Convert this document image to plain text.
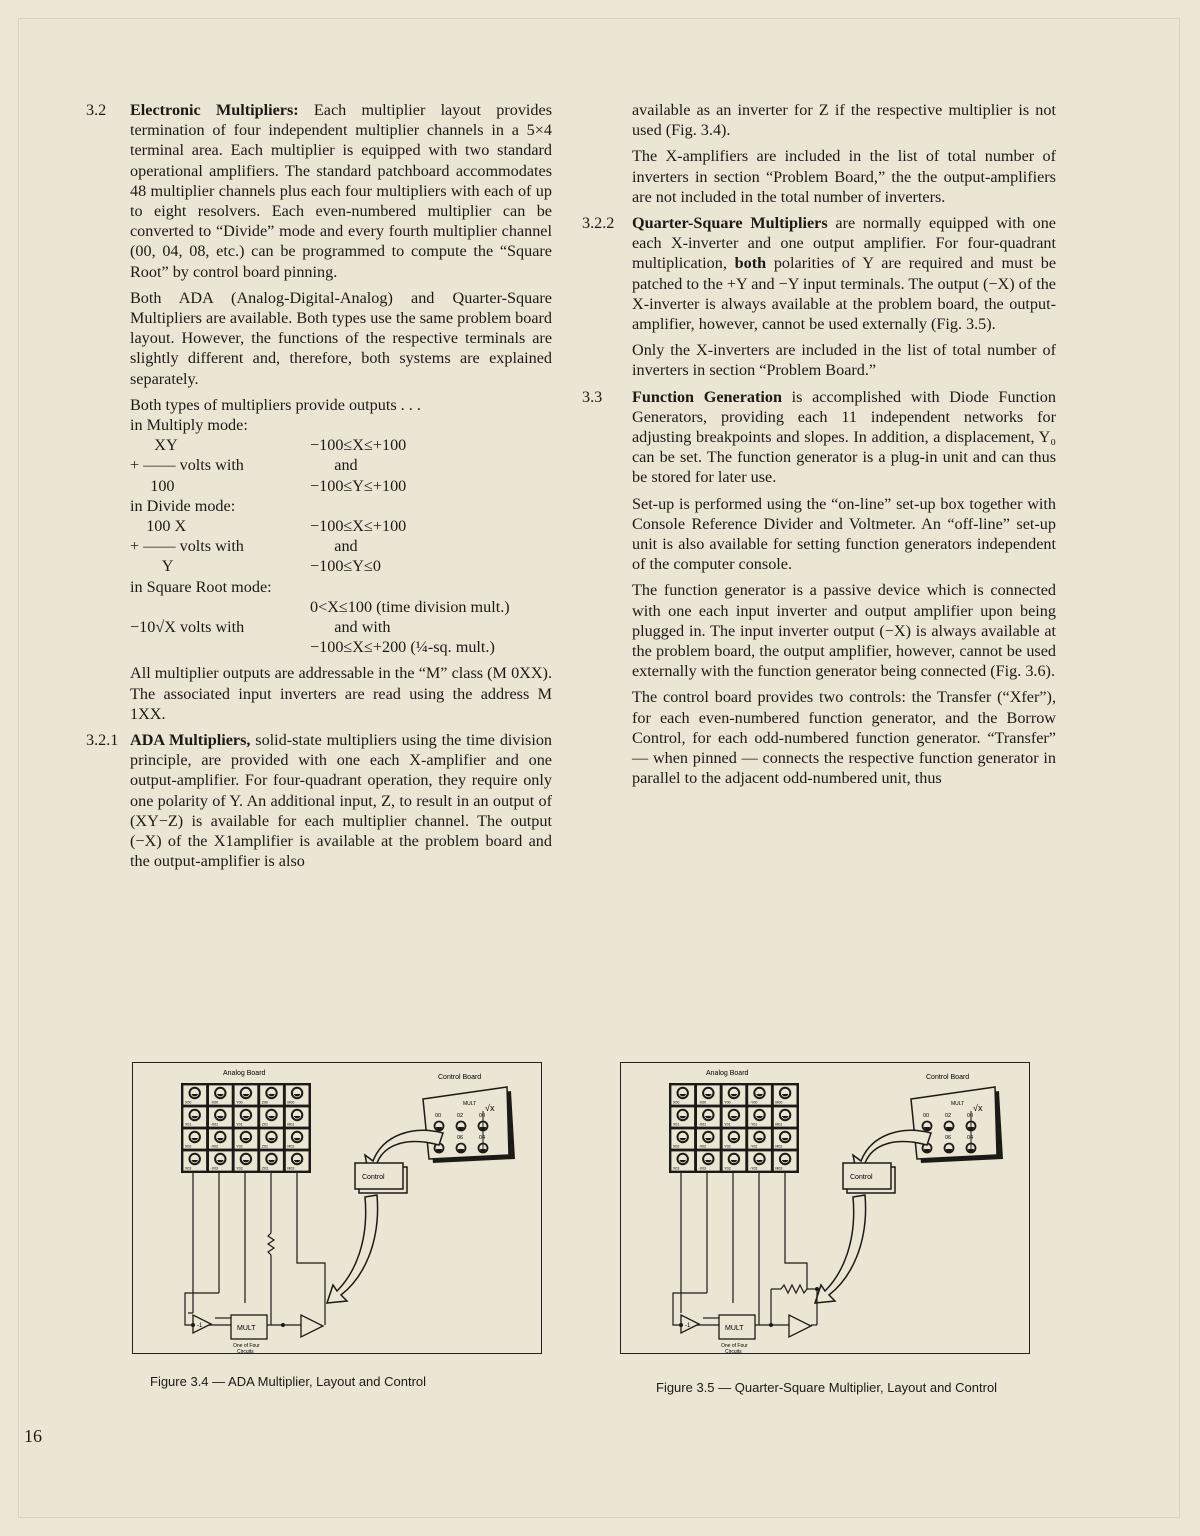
3.2	Electronic Multipliers: Each multiplier layout provides termination of four independent multiplier channels in a 5×4 terminal area. Each multiplier is equipped with two standard operational amplifiers. The standard patchboard accommodates 48 multiplier channels plus each four multipliers with each of up to eight resolvers. Each even-numbered multiplier can be converted to “Divide” mode and every fourth multiplier channel (00, 04, 08, etc.) can be programmed to compute the “Square Root” by control board pinning.

Both ADA (Analog-Digital-Analog) and Quarter-Square Multipliers are available. Both types use the same problem board layout. However, the functions of the respective terminals are slightly different and, therefore, both systems are explained separately.

Both types of multipliers provide outputs . . .

in Multiply mode:
XY	−100≤X≤+100
+ —— volts with	and
100	−100≤Y≤+100
in Divide mode:
100 X	−100≤X≤+100
+ —— volts with	and
Y	−100≤Y≤0
in Square Root mode:
0<X≤100 (time division mult.)
−10√X volts with	and with
−100≤X≤+200 (¼-sq. mult.)

All multiplier outputs are addressable in the “M” class (M 0XX). The associated input inverters are read using the address M 1XX.

3.2.1 ADA Multipliers, solid-state multipliers using the time division principle, are provided with one each X-amplifier and one output-amplifier. For four-quadrant operation, they require only one polarity of Y. An additional input, Z, to result in an output of (XY−Z) is available for each multiplier channel. The output (−X) of the X1amplifier is available at the problem board and the output-amplifier is also

available as an inverter for Z if the respective multiplier is not used (Fig. 3.4).

The X-amplifiers are included in the list of total number of inverters in section “Problem Board,” the the output-amplifiers are not included in the total number of inverters.

3.2.2	Quarter-Square Multipliers are normally equipped with one each X-inverter and one output amplifier. For four-quadrant multiplication, both polarities of Y are required and must be patched to the +Y and −Y input terminals. The output (−X) of the X-inverter is always available at the problem board, the output-amplifier, however, cannot be used externally (Fig. 3.5).

Only the X-inverters are included in the list of total number of inverters in section “Problem Board.”

3.3	Function Generation is accomplished with Diode Function Generators, providing each 11 independent networks for adjusting breakpoints and slopes. In addition, a displacement, Y₀ can be set. The function generator is a plug-in unit and can thus be stored for later use.

Set-up is performed using the “on-line” set-up box together with Console Reference Divider and Voltmeter. An “off-line” set-up unit is also available for setting function generators independent of the computer console.

The function generator is a passive device which is connected with one each input inverter and output amplifier upon being plugged in. The input inverter output (−X) is always available at the problem board, the output amplifier, however, cannot be used externally with the function generator being connected (Fig. 3.6).

The control board provides two controls: the Transfer (“Xfer”), for each even-numbered function generator, and the Borrow Control, for each odd-numbered function generator. “Transfer” — when pinned — connects the respective function generator in parallel to the adjacent odd-numbered unit, thus

Analog Board
Control Board
X00	-X00	Y00	Z00	M00
X01	-X01	Y01	Z01	M01
X02	-X02	Y02	Z02	M02
X03	-X03	Y03	Z03	M03
MULT √x
00	02	00
06	04
Control
-1	MULT
One of Four
Circuits
Analog Board
Control Board
X00	-X00	Y00	-Y00	M00
X01	-X01	Y01	-Y01	M01
X02	-X02	Y02	-Y02	M02
X03	-X03	Y03	-Y03	M03
MULT √x
00	02	00
06	04
Control
-1	MULT
One of Four
Circuits
Figure 3.4 — ADA Multiplier, Layout and Control	Figure 3.5 — Quarter-Square Multiplier, Layout and Control
16
